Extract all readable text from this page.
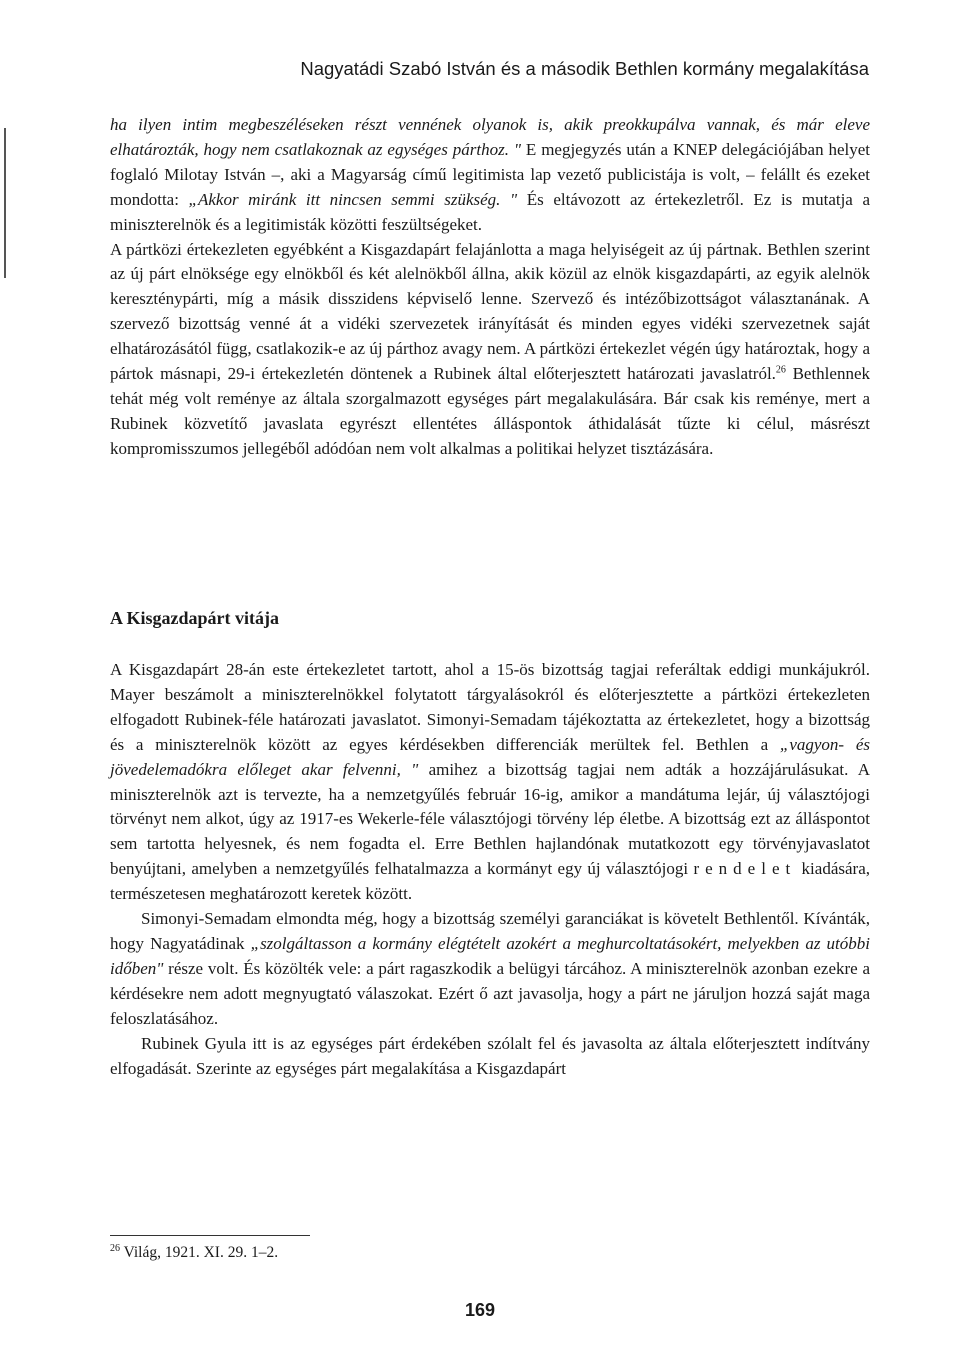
Nagyatádi Szabó István és a második Bethlen kormány megalakítása

ha ilyen intim megbeszéléseken részt vennének olyanok is, akik preokkupálva vannak, és már eleve elhatározták, hogy nem csatlakoznak az egységes párthoz. " E megjegyzés után a KNEP delegációjában helyet foglaló Milotay István –, aki a Magyarság című legitimista lap vezető publicistája is volt, – felállt és ezeket mondotta: „Akkor miránk itt nincsen semmi szükség. " És eltávozott az értekezletről. Ez is mutatja a miniszterelnök és a legitimisták közötti feszültségeket.

A pártközi értekezleten egyébként a Kisgazdapárt felajánlotta a maga helyiségeit az új pártnak. Bethlen szerint az új párt elnöksége egy elnökből és két alelnökből állna, akik közül az elnök kisgazdapárti, az egyik alelnök kereszténypárti, míg a másik disszidens képviselő lenne. Szervező és intézőbizottságot választanának. A szervező bizottság venné át a vidéki szervezetek irányítását és minden egyes vidéki szervezetnek saját elhatározásától függ, csatlakozik-e az új párthoz avagy nem. A pártközi értekezlet végén úgy határoztak, hogy a pártok másnapi, 29-i értekezletén döntenek a Rubinek által előterjesztett határozati javaslatról.$^{26}$ Bethlennek tehát még volt reménye az általa szorgalmazott egységes párt megalakulására. Bár csak kis reménye, mert a Rubinek közvetítő javaslata egyrészt ellentétes álláspontok áthidalását tűzte ki célul, másrészt kompromisszumos jellegéből adódóan nem volt alkalmas a politikai helyzet tisztázására.

A Kisgazdapárt vitája

A Kisgazdapárt 28-án este értekezletet tartott, ahol a 15-ös bizottság tagjai referáltak eddigi munkájukról. Mayer beszámolt a miniszterelnökkel folytatott tárgyalásokról és előterjesztette a pártközi értekezleten elfogadott Rubinek-féle határozati javaslatot. Simonyi-Semadam tájékoztatta az értekezletet, hogy a bizottság és a miniszterelnök között az egyes kérdésekben differenciák merültek fel. Bethlen a „vagyon- és jövedelemadókra előleget akar felvenni, " amihez a bizottság tagjai nem adták a hozzájárulásukat. A miniszterelnök azt is tervezte, ha a nemzetgyűlés február 16-ig, amikor a mandátuma lejár, új választójogi törvényt nem alkot, úgy az 1917-es Wekerle-féle választójogi törvény lép életbe. A bizottság ezt az álláspontot sem tartotta helyesnek, és nem fogadta el. Erre Bethlen hajlandónak mutatkozott egy törvényjavaslatot benyújtani, amelyben a nemzetgyűlés felhatalmazza a kormányt egy új választójogi rendelet kiadására, természetesen meghatározott keretek között.

Simonyi-Semadam elmondta még, hogy a bizottság személyi garanciákat is követelt Bethlentől. Kívánták, hogy Nagyatádinak „szolgáltasson a kormány elégtételt azokért a meghurcoltatásokért, melyekben az utóbbi időben" része volt. És közölték vele: a párt ragaszkodik a belügyi tárcához. A miniszterelnök azonban ezekre a kérdésekre nem adott megnyugtató válaszokat. Ezért ő azt javasolja, hogy a párt ne járuljon hozzá saját maga feloszlatásához.

Rubinek Gyula itt is az egységes párt érdekében szólalt fel és javasolta az általa előterjesztett indítvány elfogadását. Szerinte az egységes párt megalakítása a Kisgazdapárt

$^{26}$ Világ, 1921. XI. 29. 1–2.
169
